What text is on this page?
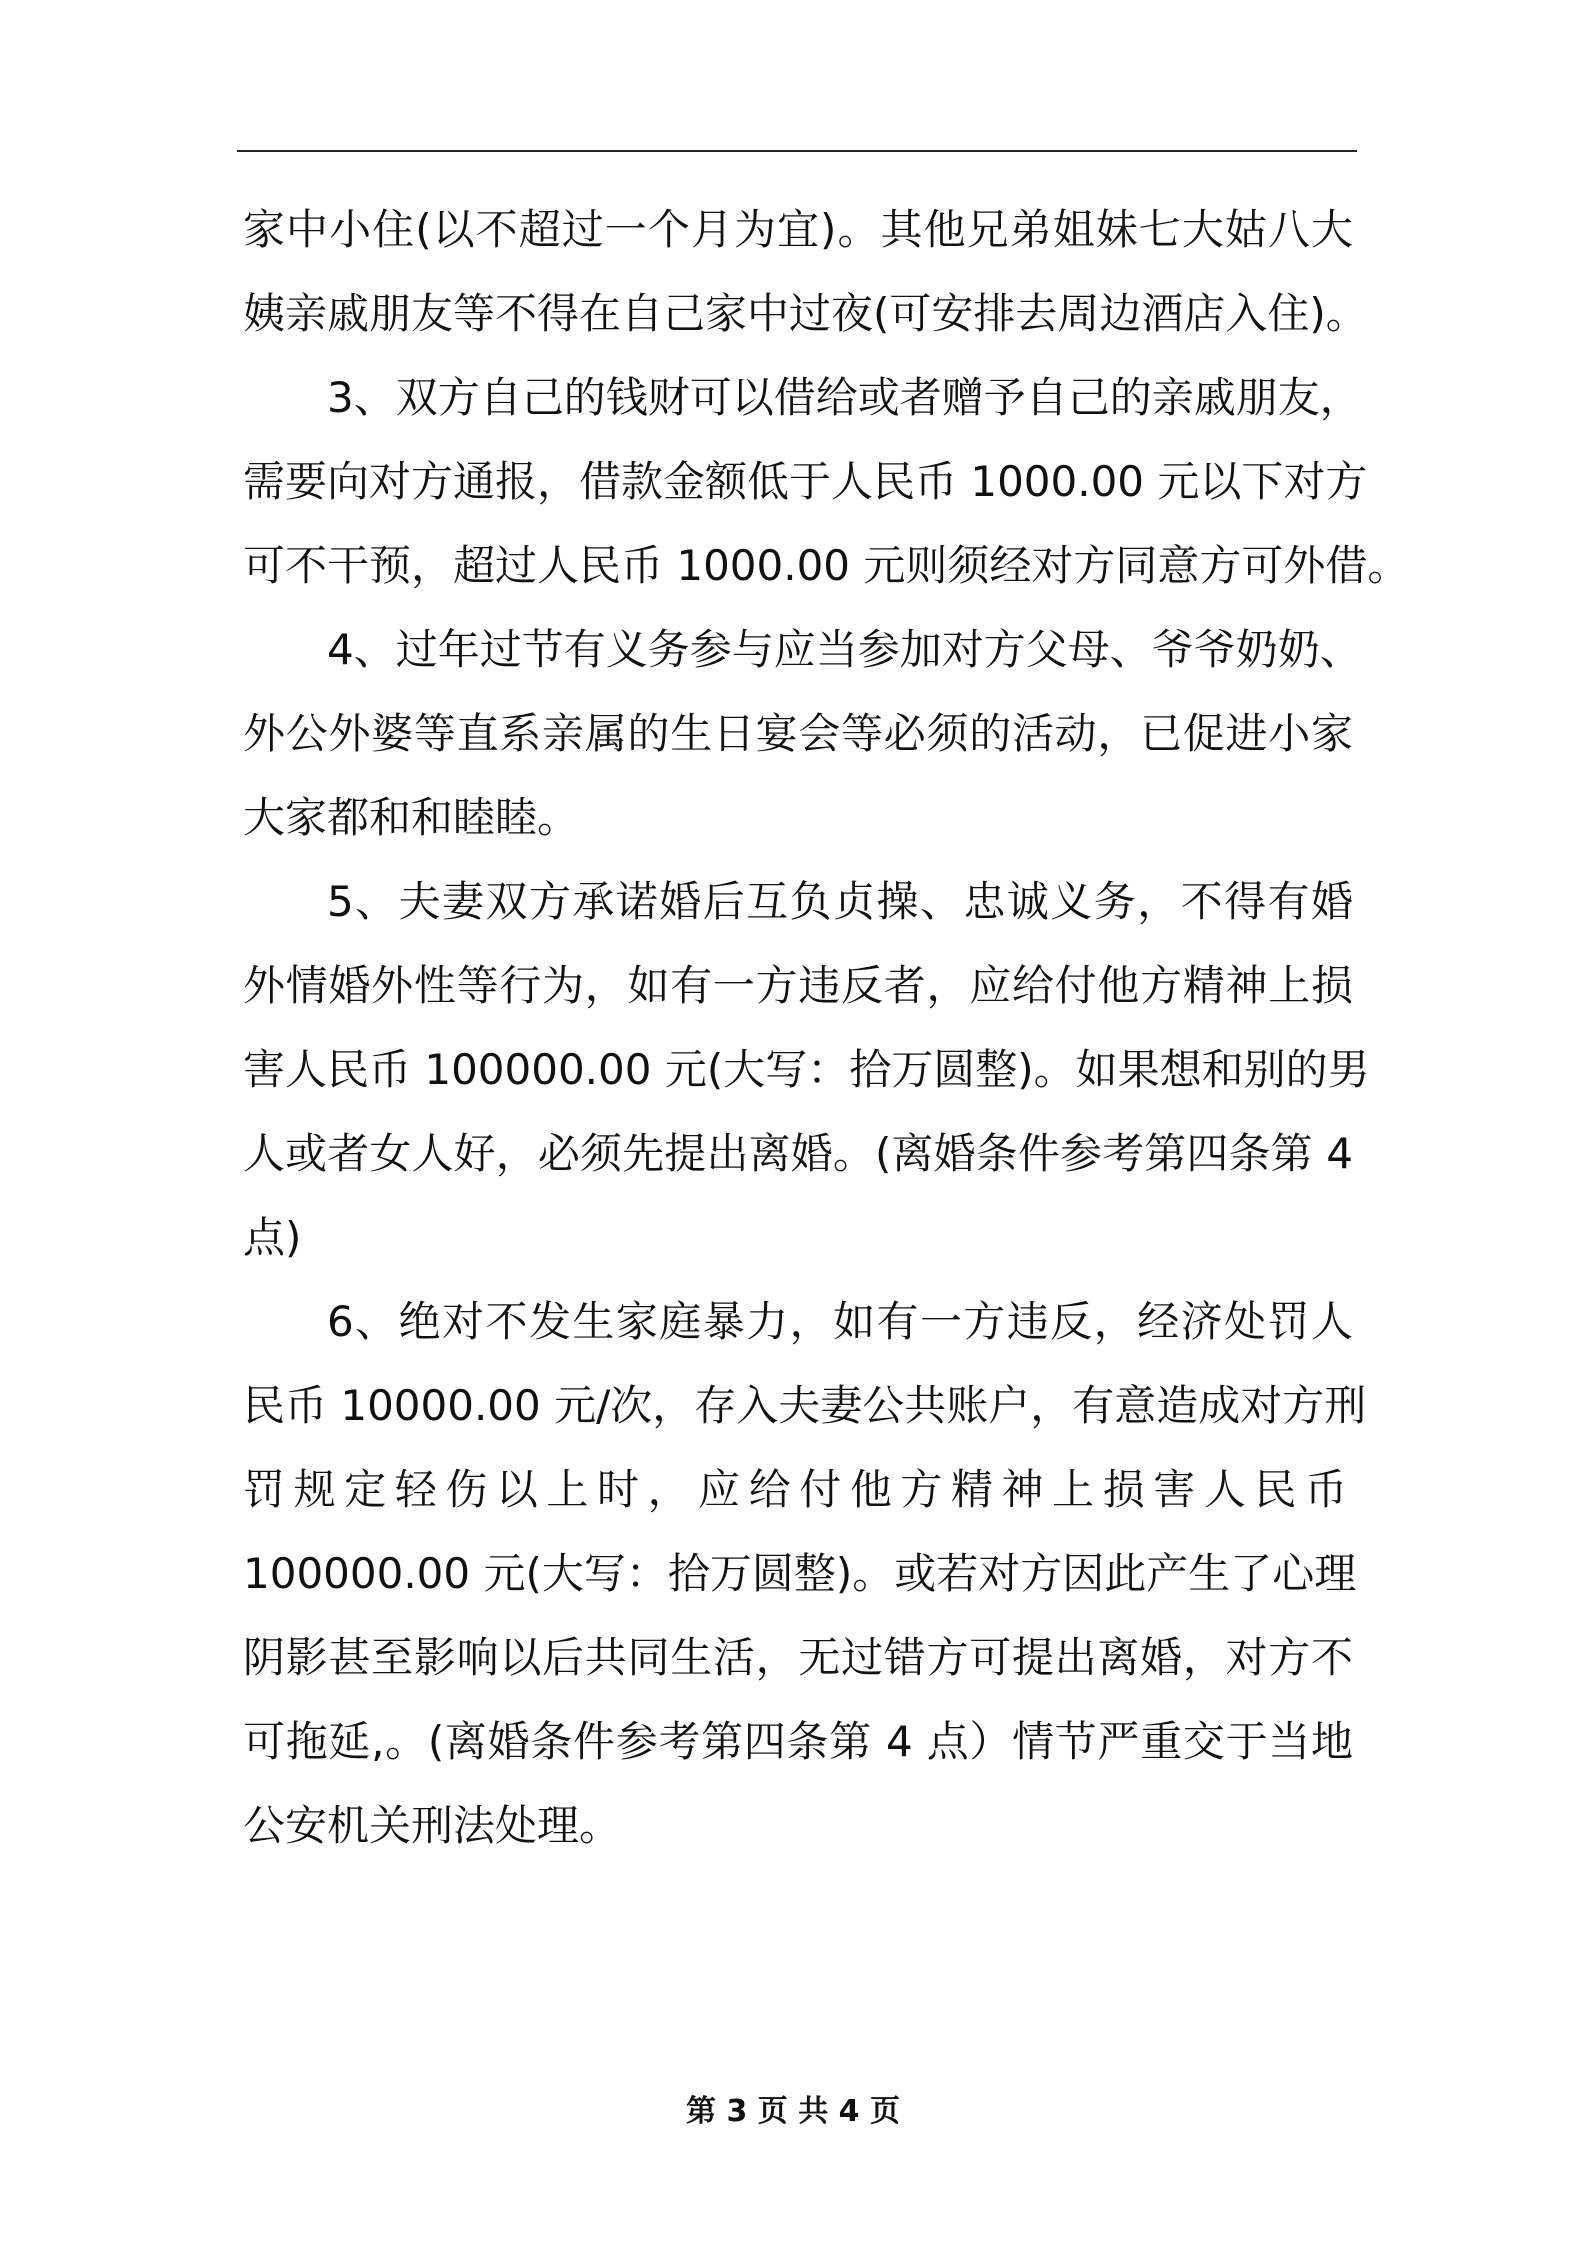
家中小住(以不超过一个月为宜)。其他兄弟姐妹七大姑八大
姨亲戚朋友等不得在自己家中过夜(可安排去周边酒店入住)。
3、双方自己的钱财可以借给或者赠予自己的亲戚朋友，
需要向对方通报，借款金额低于人民币 1000.00 元以下对方
可不干预，超过人民币 1000.00 元则须经对方同意方可外借。
4、过年过节有义务参与应当参加对方父母、爷爷奶奶、
外公外婆等直系亲属的生日宴会等必须的活动，已促进小家
大家都和和睦睦。
5、夫妻双方承诺婚后互负贞操、忠诚义务，不得有婚
外情婚外性等行为，如有一方违反者，应给付他方精神上损
害人民币 100000.00 元(大写：拾万圆整)。如果想和别的男
人或者女人好，必须先提出离婚。(离婚条件参考第四条第 4
点)
6、绝对不发生家庭暴力，如有一方违反，经济处罚人
民币 10000.00 元/次，存入夫妻公共账户，有意造成对方刑
罚规定轻伤以上时，应给付他方精神上损害人民币
100000.00 元(大写：拾万圆整)。或若对方因此产生了心理
阴影甚至影响以后共同生活，无过错方可提出离婚，对方不
可拖延,。(离婚条件参考第四条第 4 点）情节严重交于当地
公安机关刑法处理。
第 3 页 共 4 页
